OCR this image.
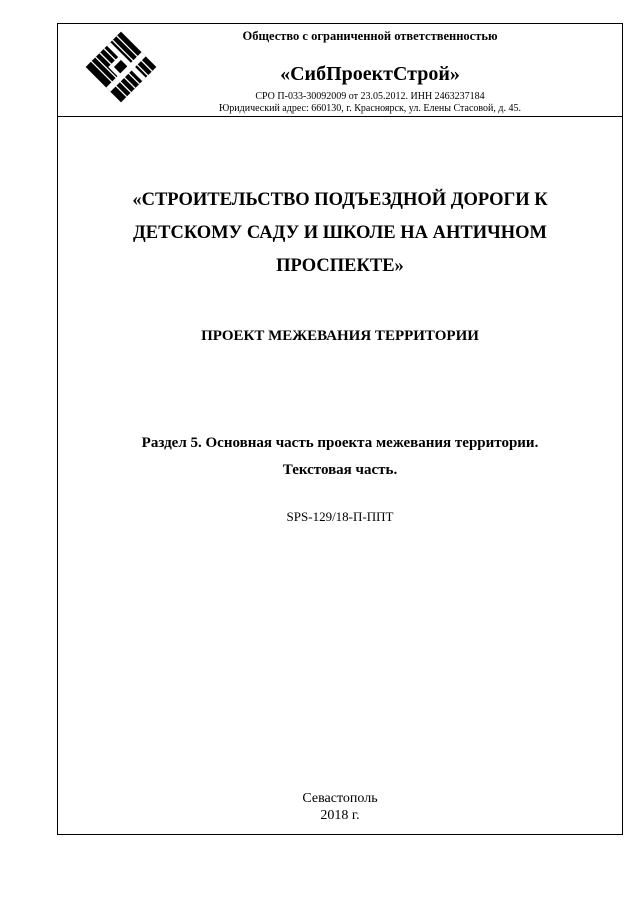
Общество с ограниченной ответственностью
«СибПроектСтрой»
СРО П-033-30092009 от 23.05.2012. ИНН 2463237184
Юридический адрес: 660130, г. Красноярск, ул. Елены Стасовой, д. 45.
«СТРОИТЕЛЬСТВО ПОДЪЕЗДНОЙ ДОРОГИ К
ДЕТСКОМУ САДУ И ШКОЛЕ НА АНТИЧНОМ
ПРОСПЕКТЕ»
ПРОЕКТ МЕЖЕВАНИЯ ТЕРРИТОРИИ
Раздел 5. Основная часть проекта межевания территории.
Текстовая часть.
SPS-129/18-П-ППТ
Севастополь
2018 г.
